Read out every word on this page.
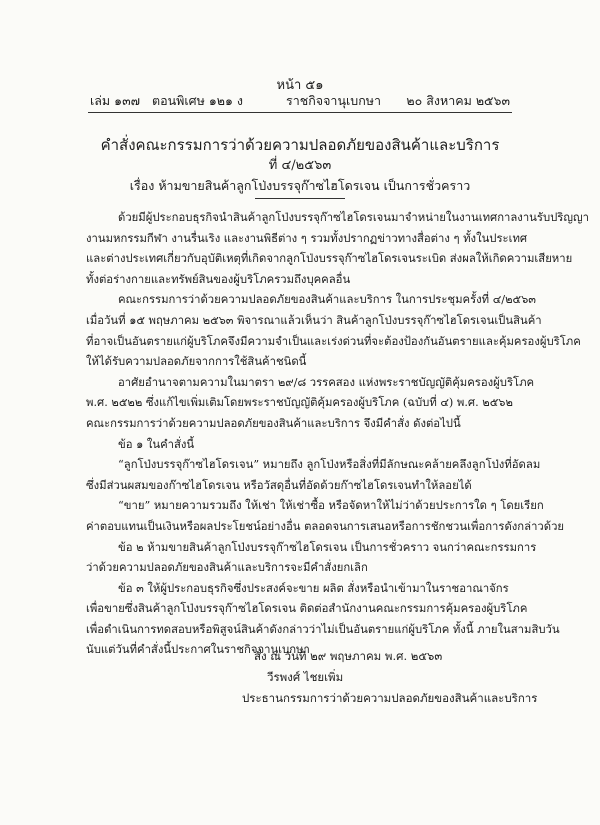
หน้า ๕๑
เล่ม ๑๓๗ ตอนพิเศษ ๑๒๑ ง	ราชกิจจานุเบกษา ๒๐ สิงหาคม ๒๕๖๓
คำสั่งคณะกรรมการว่าด้วยความปลอดภัยของสินค้าและบริการ
ที่ ๔/๒๕๖๓
เรื่อง ห้ามขายสินค้าลูกโป่งบรรจุก๊าซไฮโดรเจน เป็นการชั่วคราว

ด้วยมีผู้ประกอบธุรกิจนำสินค้าลูกโป่งบรรจุก๊าซไฮโดรเจนมาจำหน่ายในงานเทศกาลงานรับปริญญา

งานมหกรรมกีฬา งานรื่นเริง และงานพิธีต่าง ๆ รวมทั้งปรากฏข่าวทางสื่อต่าง ๆ ทั้งในประเทศ

และต่างประเทศเกี่ยวกับอุบัติเหตุที่เกิดจากลูกโป่งบรรจุก๊าซไฮโดรเจนระเบิด ส่งผลให้เกิดความเสียหาย

ทั้งต่อร่างกายและทรัพย์สินของผู้บริโภครวมถึงบุคคลอื่น

คณะกรรมการว่าด้วยความปลอดภัยของสินค้าและบริการ ในการประชุมครั้งที่ ๔/๒๕๖๓

เมื่อวันที่ ๑๕ พฤษภาคม ๒๕๖๓ พิจารณาแล้วเห็นว่า สินค้าลูกโป่งบรรจุก๊าซไฮโดรเจนเป็นสินค้า

ที่อาจเป็นอันตรายแก่ผู้บริโภคจึงมีความจำเป็นและเร่งด่วนที่จะต้องป้องกันอันตรายและคุ้มครองผู้บริโภค

ให้ได้รับความปลอดภัยจากการใช้สินค้าชนิดนี้

อาศัยอำนาจตามความในมาตรา ๒๙/๘ วรรคสอง แห่งพระราชบัญญัติคุ้มครองผู้บริโภค

พ.ศ. ๒๕๒๒ ซึ่งแก้ไขเพิ่มเติมโดยพระราชบัญญัติคุ้มครองผู้บริโภค (ฉบับที่ ๔) พ.ศ. ๒๕๖๒

คณะกรรมการว่าด้วยความปลอดภัยของสินค้าและบริการ จึงมีคำสั่ง ดังต่อไปนี้

ข้อ ๑ ในคำสั่งนี้

“ลูกโป่งบรรจุก๊าซไฮโดรเจน” หมายถึง ลูกโป่งหรือสิ่งที่มีลักษณะคล้ายคลึงลูกโป่งที่อัดลม

ซึ่งมีส่วนผสมของก๊าซไฮโดรเจน หรือวัสดุอื่นที่อัดด้วยก๊าซไฮโดรเจนทำให้ลอยได้

“ขาย” หมายความรวมถึง ให้เช่า ให้เช่าซื้อ หรือจัดหาให้ไม่ว่าด้วยประการใด ๆ โดยเรียก

ค่าตอบแทนเป็นเงินหรือผลประโยชน์อย่างอื่น ตลอดจนการเสนอหรือการชักชวนเพื่อการดังกล่าวด้วย

ข้อ ๒ ห้ามขายสินค้าลูกโป่งบรรจุก๊าซไฮโดรเจน เป็นการชั่วคราว จนกว่าคณะกรรมการ

ว่าด้วยความปลอดภัยของสินค้าและบริการจะมีคำสั่งยกเลิก

ข้อ ๓ ให้ผู้ประกอบธุรกิจซึ่งประสงค์จะขาย ผลิต สั่งหรือนำเข้ามาในราชอาณาจักร

เพื่อขายซึ่งสินค้าลูกโป่งบรรจุก๊าซไฮโดรเจน ติดต่อสำนักงานคณะกรรมการคุ้มครองผู้บริโภค

เพื่อดำเนินการทดสอบหรือพิสูจน์สินค้าดังกล่าวว่าไม่เป็นอันตรายแก่ผู้บริโภค ทั้งนี้ ภายในสามสิบวัน

นับแต่วันที่คำสั่งนี้ประกาศในราชกิจจานุเบกษา

สั่ง ณ วันที่ ๒๙ พฤษภาคม พ.ศ. ๒๕๖๓
วีรพงศ์ ไชยเพิ่ม
ประธานกรรมการว่าด้วยความปลอดภัยของสินค้าและบริการ
